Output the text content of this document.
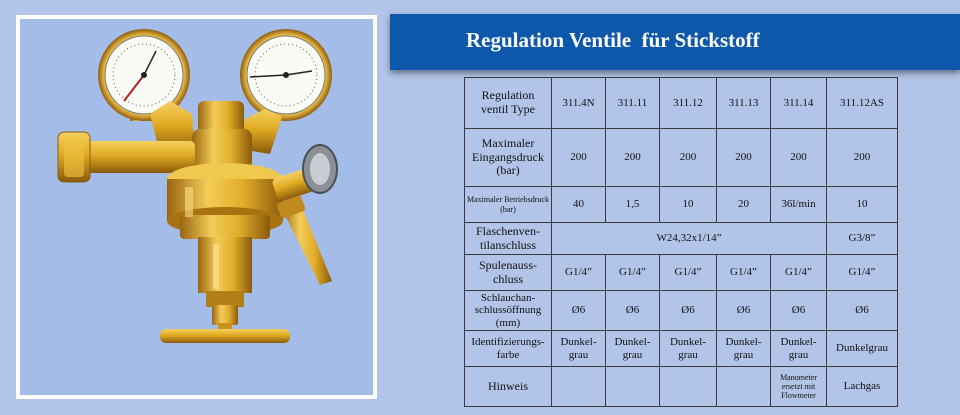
Regulation Ventile  für Stickstoff
Regulation ventil Type	311.4N	311.11	311.12	311.13	311.14	311.12AS
Maximaler Eingangsdruck (bar)	200	200	200	200	200	200
Maximaler Betriebsdruck (bar)	40	1,5	10	20	36l/min	10
Flaschenven- tilanschluss	W24,32x1/14”					G3/8”
Spulenauss- chluss	G1/4”	G1/4”	G1/4”	G1/4”	G1/4”	G1/4”
Schlauchan- schlussöffnung (mm)	Ø6	Ø6	Ø6	Ø6	Ø6	Ø6
Identifizierungs- farbe	Dunkel- grau	Dunkel- grau	Dunkel- grau	Dunkel- grau	Dunkel- grau	Dunkelgrau
Hinweis					Manometer ersetzt mit Flowmeter	Lachgas
